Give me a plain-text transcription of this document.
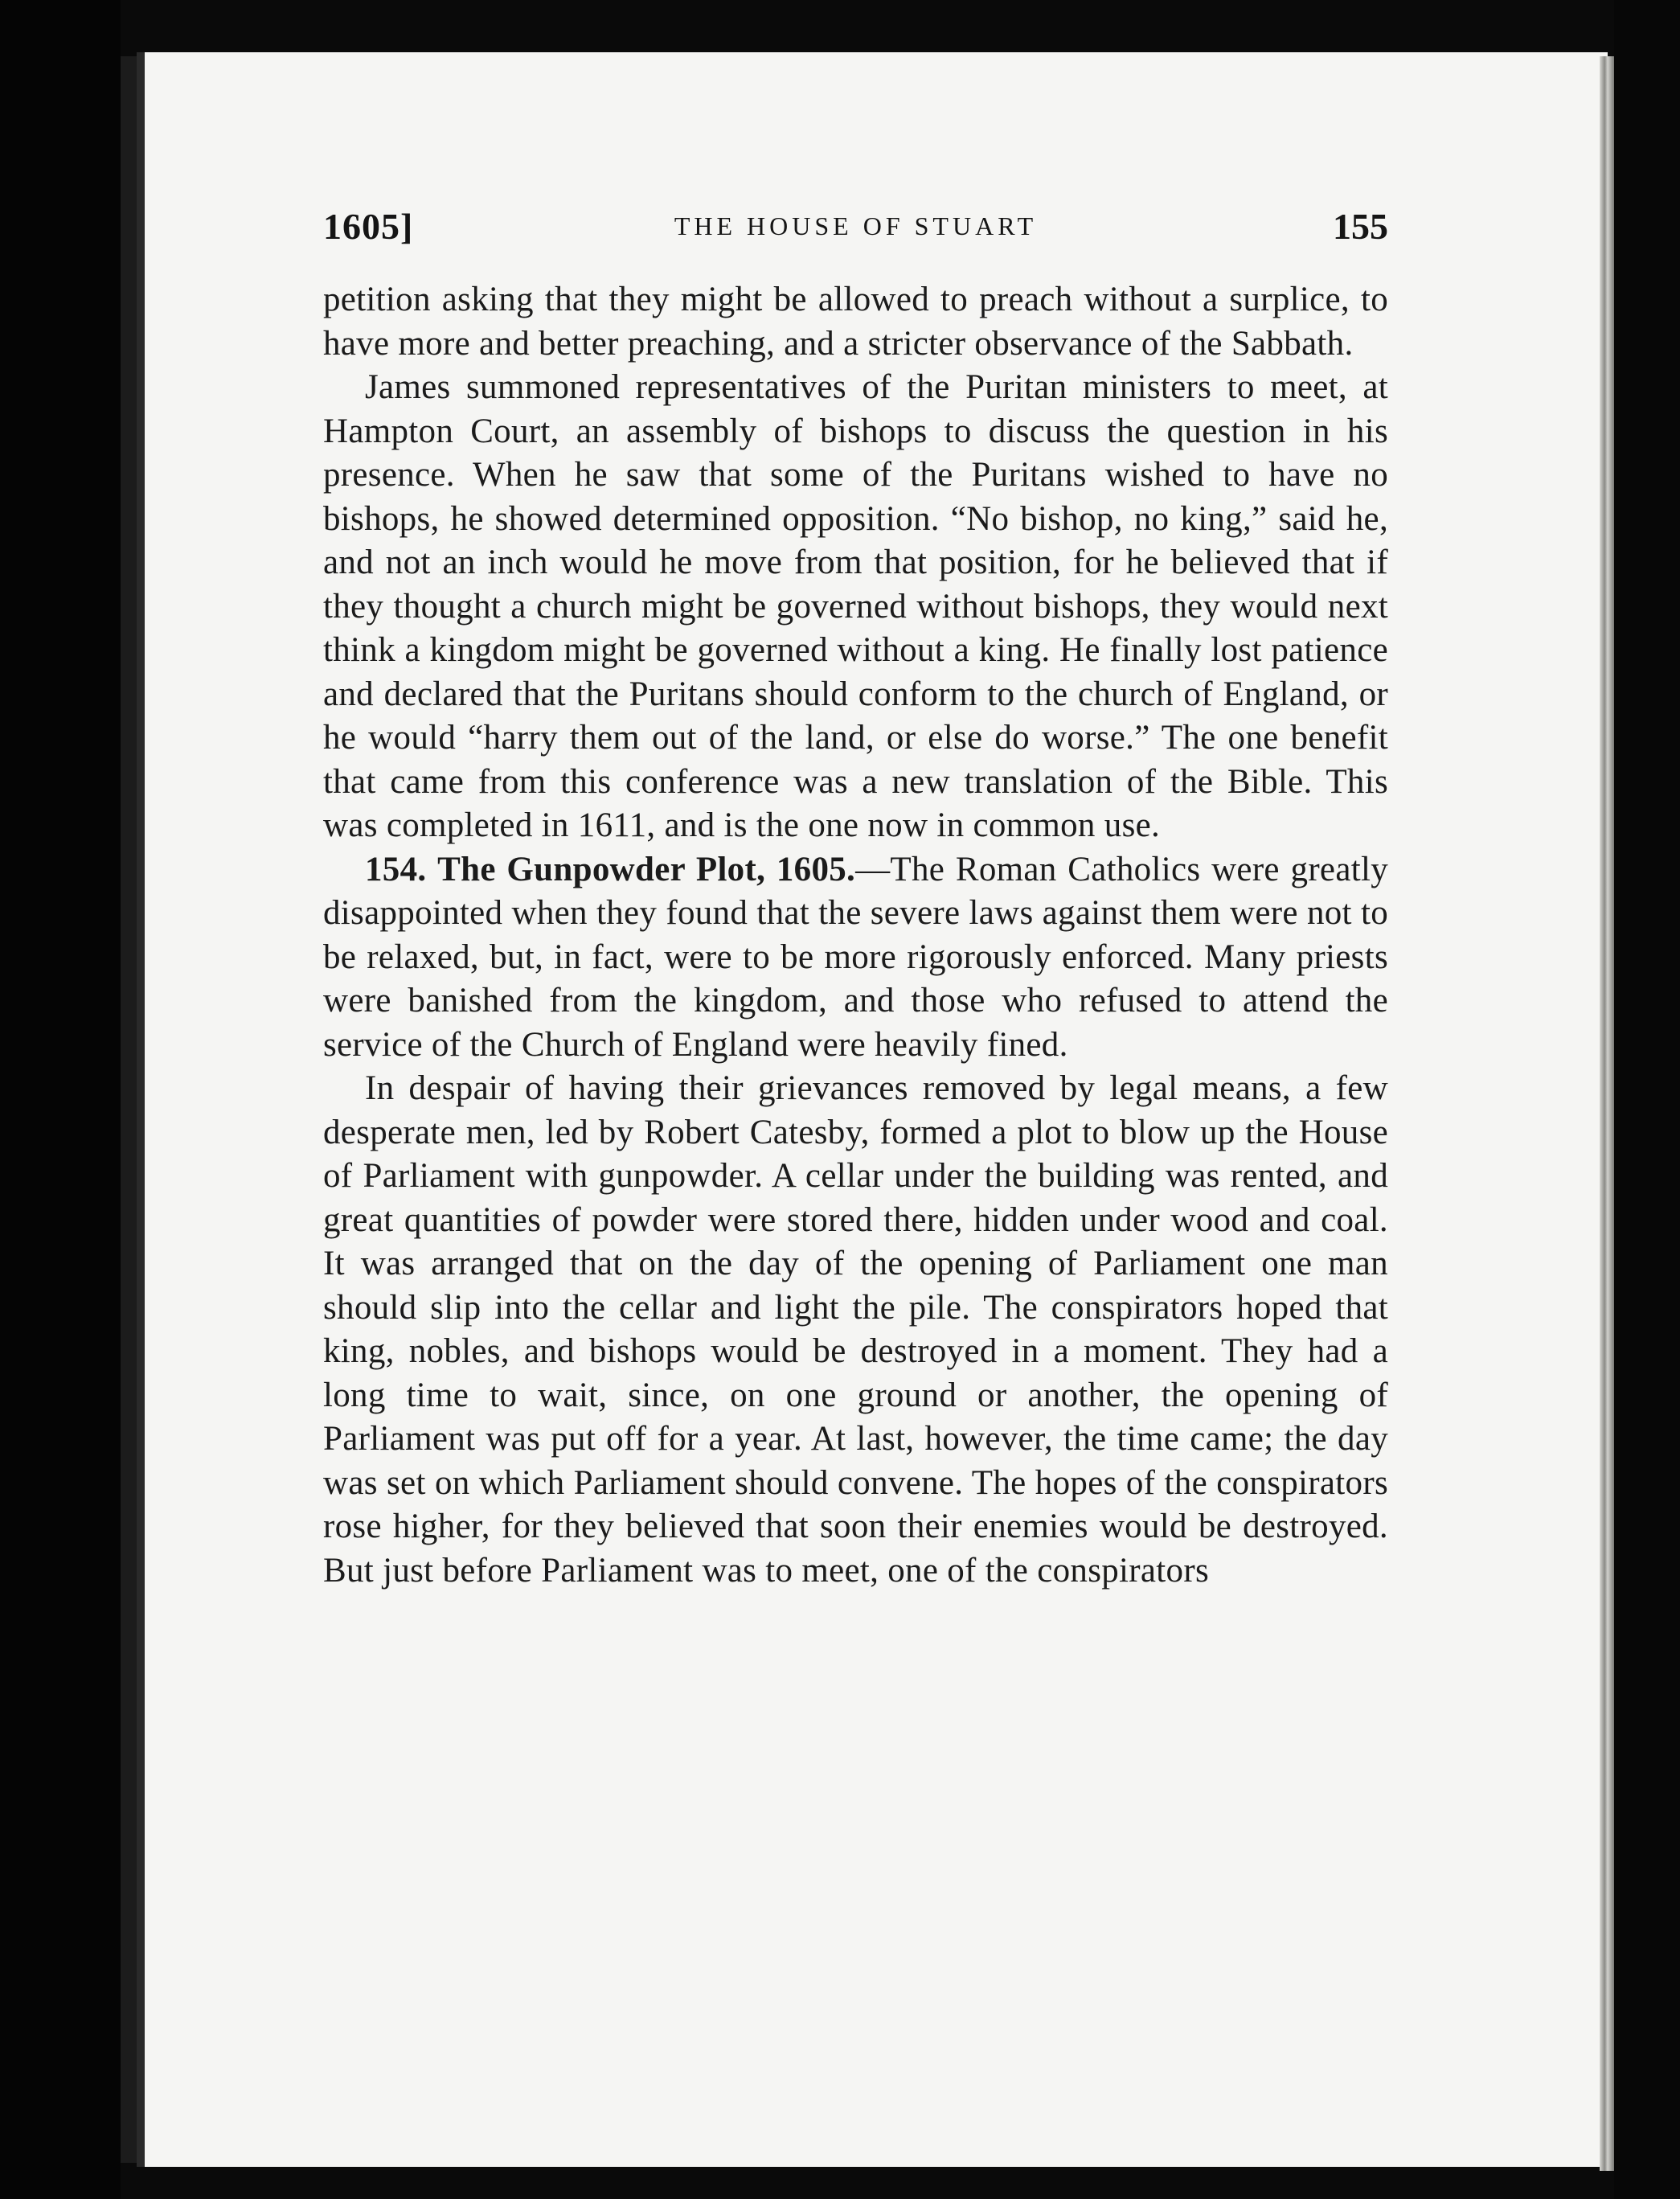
1605]	THE HOUSE OF STUART	155

petition asking that they might be allowed to preach without a surplice, to have more and better preaching, and a stricter observance of the Sabbath.

James summoned representatives of the Puritan ministers to meet, at Hampton Court, an assembly of bishops to discuss the question in his presence. When he saw that some of the Puritans wished to have no bishops, he showed determined opposition. “No bishop, no king,” said he, and not an inch would he move from that position, for he believed that if they thought a church might be governed without bishops, they would next think a kingdom might be governed without a king. He finally lost patience and declared that the Puritans should conform to the church of England, or he would “harry them out of the land, or else do worse.” The one benefit that came from this conference was a new translation of the Bible. This was completed in 1611, and is the one now in common use.

154. The Gunpowder Plot, 1605.—The Roman Catholics were greatly disappointed when they found that the severe laws against them were not to be relaxed, but, in fact, were to be more rigorously enforced. Many priests were banished from the kingdom, and those who refused to attend the service of the Church of England were heavily fined.

In despair of having their grievances removed by legal means, a few desperate men, led by Robert Catesby, formed a plot to blow up the House of Parliament with gunpowder. A cellar under the building was rented, and great quantities of powder were stored there, hidden under wood and coal. It was arranged that on the day of the opening of Parliament one man should slip into the cellar and light the pile. The conspirators hoped that king, nobles, and bishops would be destroyed in a moment. They had a long time to wait, since, on one ground or another, the opening of Parliament was put off for a year. At last, however, the time came; the day was set on which Parliament should convene. The hopes of the conspirators rose higher, for they believed that soon their enemies would be destroyed. But just before Parliament was to meet, one of the conspirators
